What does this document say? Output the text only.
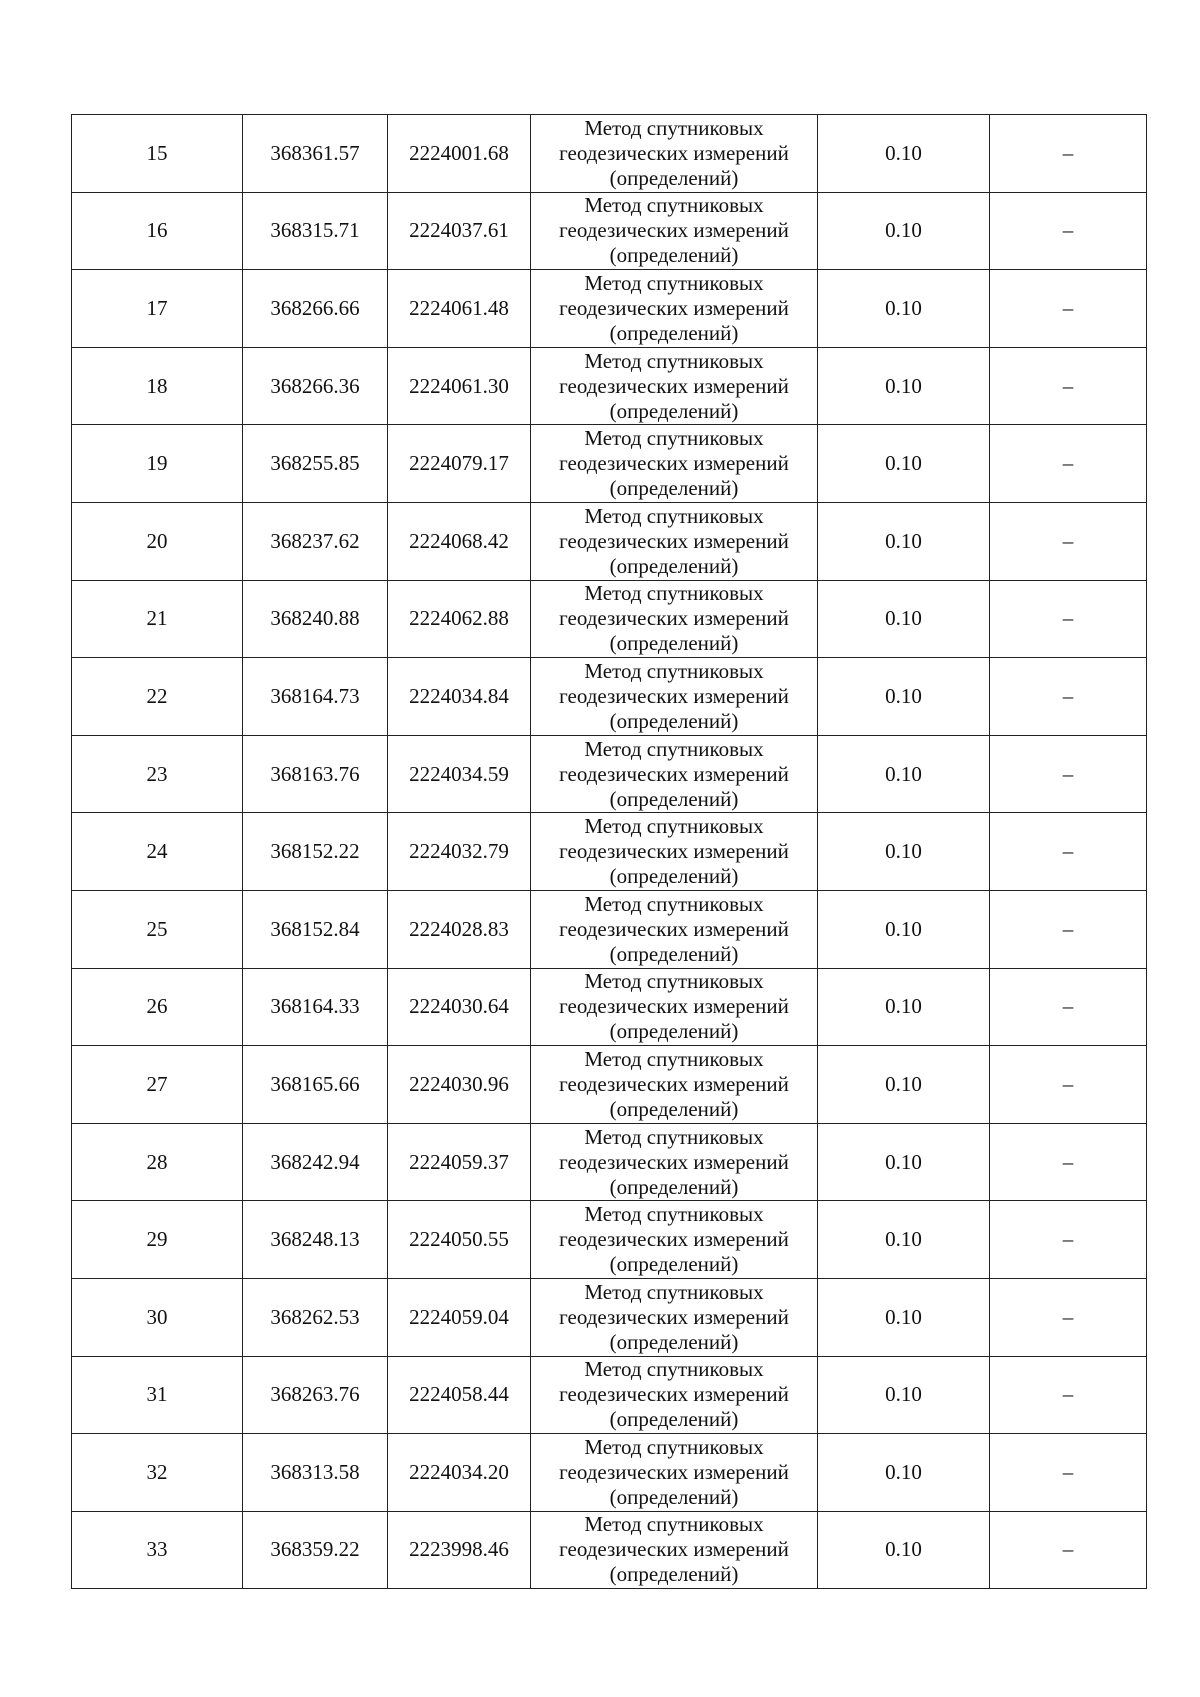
15	368361.57	2224001.68	Метод спутниковых
геодезических измерений
(определений)	0.10	–
16	368315.71	2224037.61	Метод спутниковых
геодезических измерений
(определений)	0.10	–
17	368266.66	2224061.48	Метод спутниковых
геодезических измерений
(определений)	0.10	–
18	368266.36	2224061.30	Метод спутниковых
геодезических измерений
(определений)	0.10	–
19	368255.85	2224079.17	Метод спутниковых
геодезических измерений
(определений)	0.10	–
20	368237.62	2224068.42	Метод спутниковых
геодезических измерений
(определений)	0.10	–
21	368240.88	2224062.88	Метод спутниковых
геодезических измерений
(определений)	0.10	–
22	368164.73	2224034.84	Метод спутниковых
геодезических измерений
(определений)	0.10	–
23	368163.76	2224034.59	Метод спутниковых
геодезических измерений
(определений)	0.10	–
24	368152.22	2224032.79	Метод спутниковых
геодезических измерений
(определений)	0.10	–
25	368152.84	2224028.83	Метод спутниковых
геодезических измерений
(определений)	0.10	–
26	368164.33	2224030.64	Метод спутниковых
геодезических измерений
(определений)	0.10	–
27	368165.66	2224030.96	Метод спутниковых
геодезических измерений
(определений)	0.10	–
28	368242.94	2224059.37	Метод спутниковых
геодезических измерений
(определений)	0.10	–
29	368248.13	2224050.55	Метод спутниковых
геодезических измерений
(определений)	0.10	–
30	368262.53	2224059.04	Метод спутниковых
геодезических измерений
(определений)	0.10	–
31	368263.76	2224058.44	Метод спутниковых
геодезических измерений
(определений)	0.10	–
32	368313.58	2224034.20	Метод спутниковых
геодезических измерений
(определений)	0.10	–
33	368359.22	2223998.46	Метод спутниковых
геодезических измерений
(определений)	0.10	–
